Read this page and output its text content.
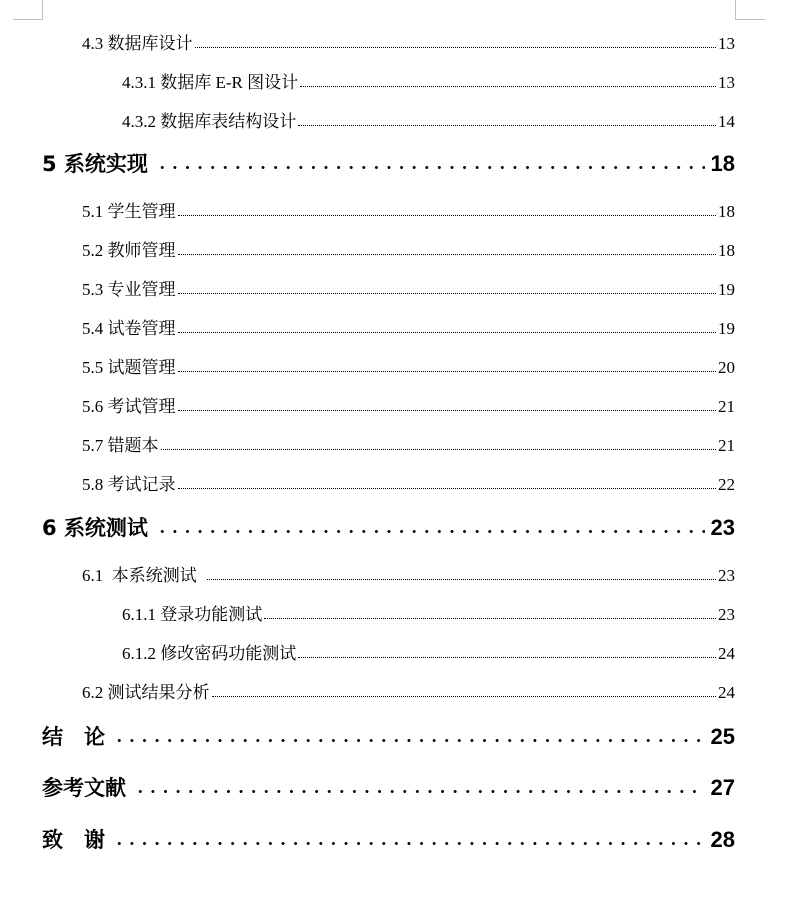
4.3 数据库设计	13
4.3.1 数据库 E-R 图设计	13
4.3.2 数据库表结构设计	14
5 系统实现	18
5.1 学生管理	18
5.2 教师管理	18
5.3 专业管理	19
5.4 试卷管理	19
5.5 试题管理	20
5.6 考试管理	21
5.7 错题本	21
5.8 考试记录	22
6 系统测试	23
6.1  本系统测试	23
6.1.1 登录功能测试	23
6.1.2 修改密码功能测试	24
6.2 测试结果分析	24
结　论	25
参考文献	27
致　谢	28
